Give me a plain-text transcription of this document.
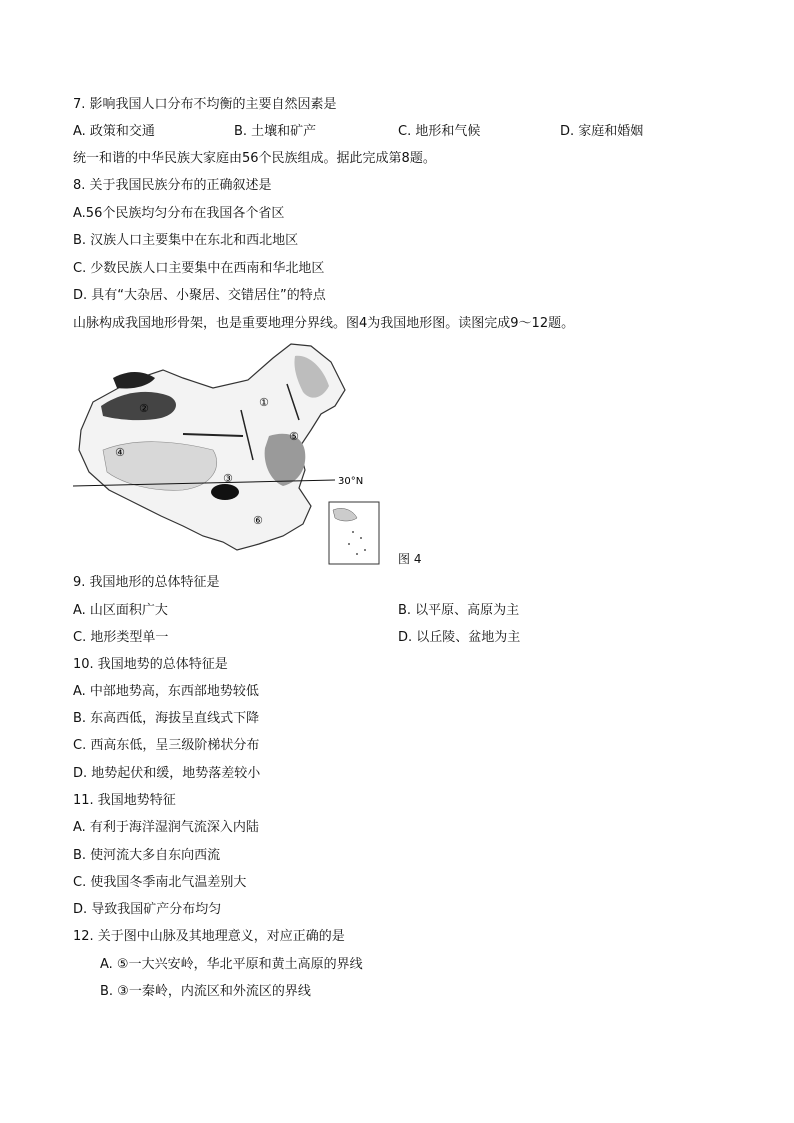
7. 影响我国人口分布不均衡的主要自然因素是
A. 政策和交通	B. 土壤和矿产	C. 地形和气候	D. 家庭和婚姻
统一和谐的中华民族大家庭由56个民族组成。据此完成第8题。
8. 关于我国民族分布的正确叙述是
A.56个民族均匀分布在我国各个省区
B. 汉族人口主要集中在东北和西北地区
C. 少数民族人口主要集中在西南和华北地区
D. 具有“大杂居、小聚居、交错居住”的特点
山脉构成我国地形骨架，也是重要地理分界线。图4为我国地形图。读图完成9～12题。
30°N
①
②
③
④
⑤
⑥
图 4
9. 我国地形的总体特征是
A. 山区面积广大	B. 以平原、高原为主
C. 地形类型单一	D. 以丘陵、盆地为主
10. 我国地势的总体特征是
A. 中部地势高，东西部地势较低
B. 东高西低，海拔呈直线式下降
C. 西高东低，呈三级阶梯状分布
D. 地势起伏和缓，地势落差较小
11. 我国地势特征
A. 有利于海洋湿润气流深入内陆
B. 使河流大多自东向西流
C. 使我国冬季南北气温差别大
D. 导致我国矿产分布均匀
12. 关于图中山脉及其地理意义，对应正确的是
A. ⑤一大兴安岭，华北平原和黄土高原的界线
B. ③一秦岭，内流区和外流区的界线
